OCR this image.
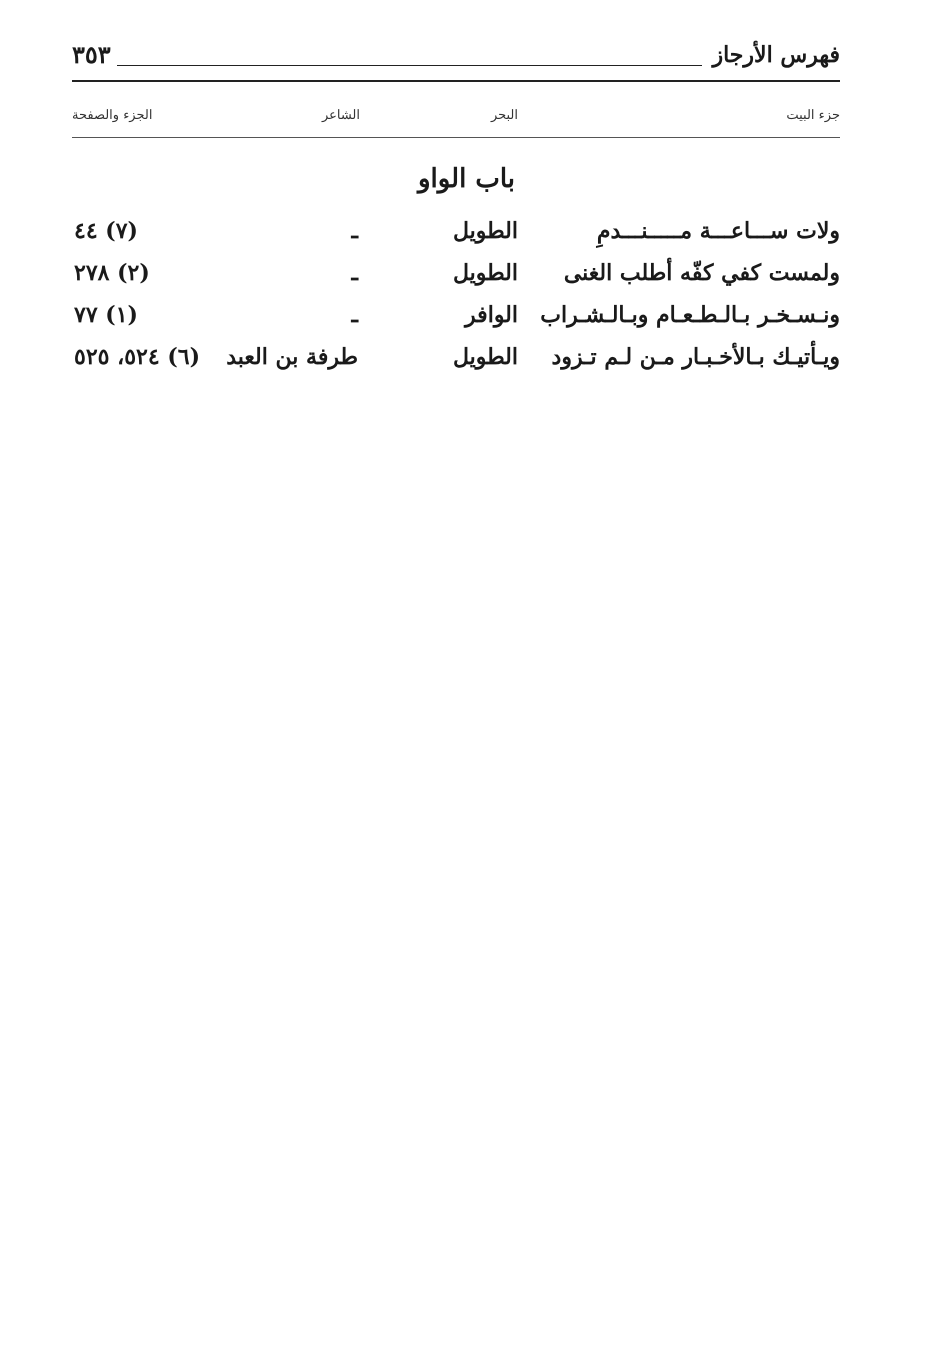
فهرس الأرجاز
٣٥٣
جزء البيت
البحر
الشاعر
الجزء والصفحة
باب الواو
ولات ســـاعـــة مـــــنـــدمِ
الطويل
ـ
(٧) ٤٤
ولمست كفي كفّه أطلب الغنى
الطويل
ـ
(٢) ٢٧٨
ونـسـخـر بـالـطـعـام وبـالـشـراب
الوافر
ـ
(١) ٧٧
ويـأتيـك بـالأخـبـار مـن لـم تـزود
الطويل
طرفة بن العبد
(٦) ٥٢٤، ٥٢٥
